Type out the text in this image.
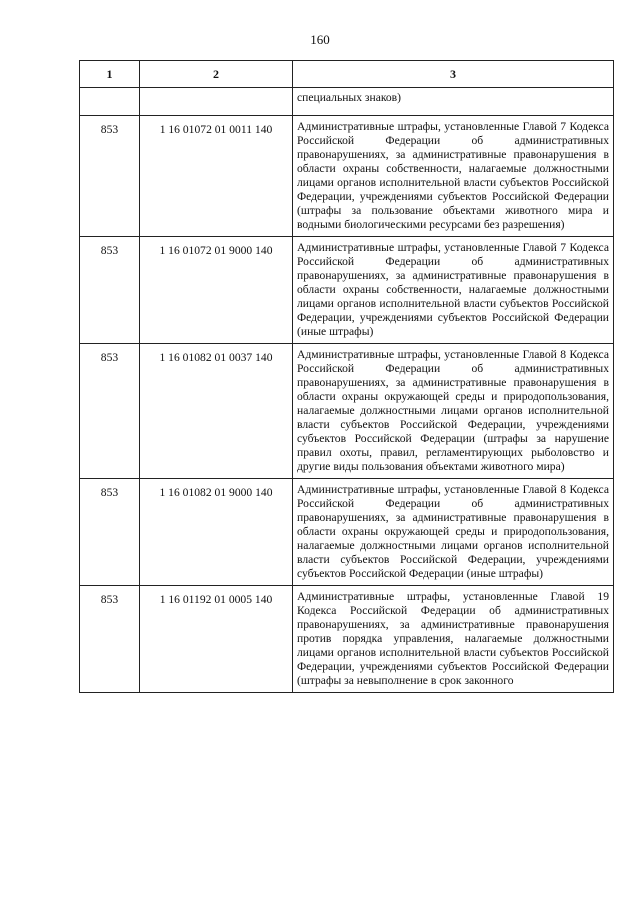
160
1	2	3
		специальных знаков)
853	1 16 01072 01 0011 140	Административные штрафы, установленные Главой 7 Кодекса Российской Федерации об административных правонарушениях, за административные правонарушения в области охраны собственности, налагаемые должностными лицами органов исполнительной власти субъектов Российской Федерации, учреждениями субъектов Российской Федерации (штрафы за пользование объектами животного мира и водными биологическими ресурсами без разрешения)
853	1 16 01072 01 9000 140	Административные штрафы, установленные Главой 7 Кодекса Российской Федерации об административных правонарушениях, за административные правонарушения в области охраны собственности, налагаемые должностными лицами органов исполнительной власти субъектов Российской Федерации, учреждениями субъектов Российской Федерации (иные штрафы)
853	1 16 01082 01 0037 140	Административные штрафы, установленные Главой 8 Кодекса Российской Федерации об административных правонарушениях, за административные правонарушения в области охраны окружающей среды и природопользования, налагаемые должностными лицами органов исполнительной власти субъектов Российской Федерации, учреждениями субъектов Российской Федерации (штрафы за нарушение правил охоты, правил, регламентирующих рыболовство и другие виды пользования объектами животного мира)
853	1 16 01082 01 9000 140	Административные штрафы, установленные Главой 8 Кодекса Российской Федерации об административных правонарушениях, за административные правонарушения в области охраны окружающей среды и природопользования, налагаемые должностными лицами органов исполнительной власти субъектов Российской Федерации, учреждениями субъектов Российской Федерации (иные штрафы)
853	1 16 01192 01 0005 140	Административные штрафы, установленные Главой 19 Кодекса Российской Федерации об административных правонарушениях, за административные правонарушения против порядка управления, налагаемые должностными лицами органов исполнительной власти субъектов Российской Федерации, учреждениями субъектов Российской Федерации (штрафы за невыполнение в срок законного
